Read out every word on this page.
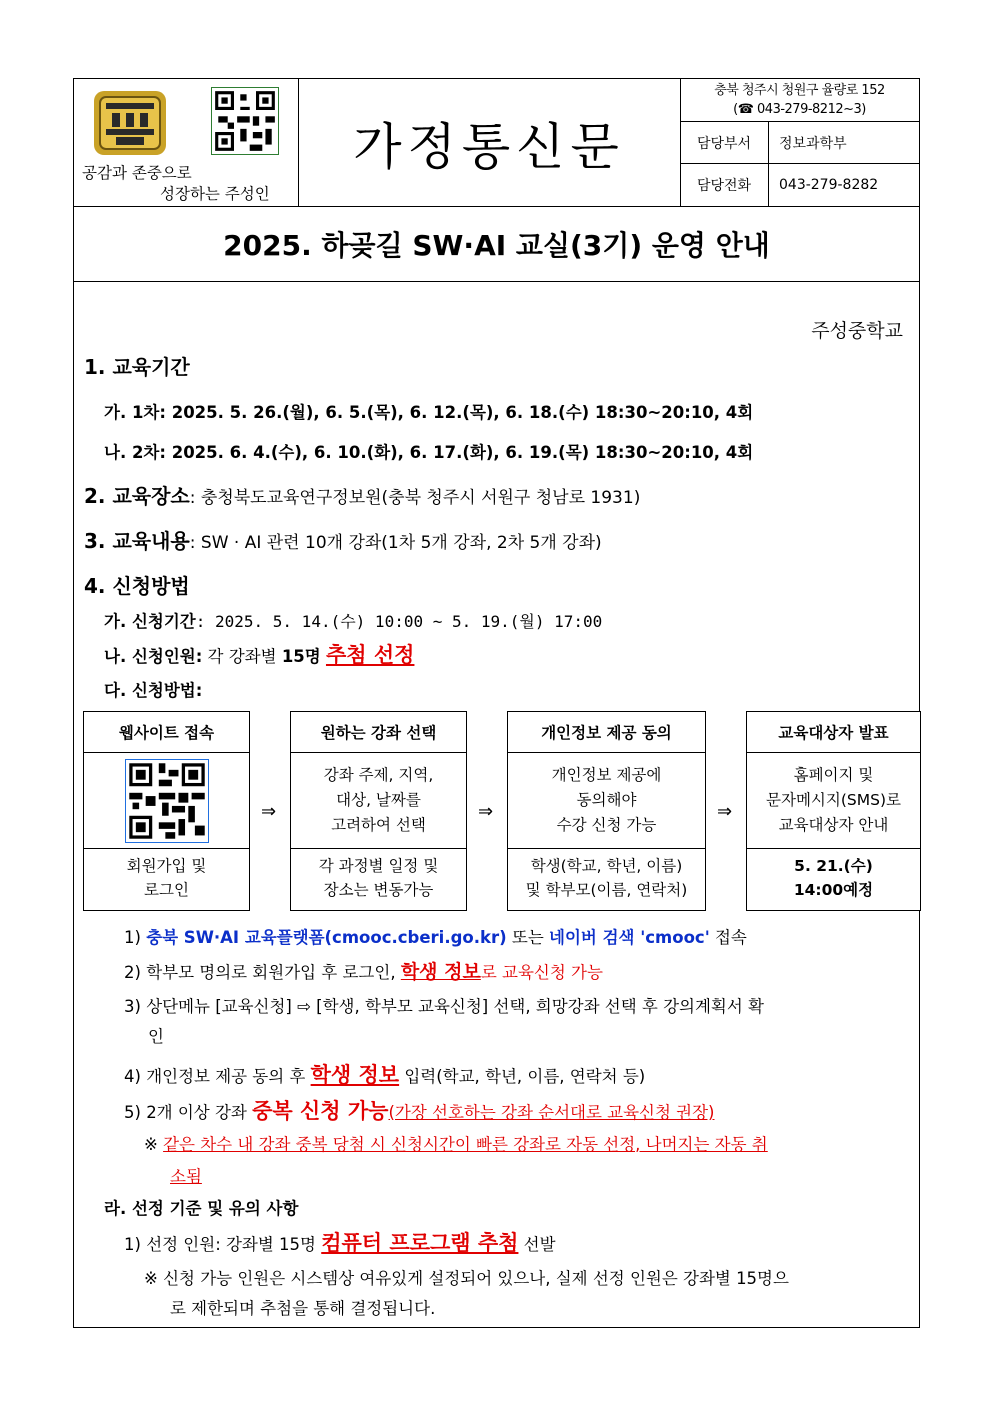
공감과 존중으로
성장하는 주성인
가정통신문
충북 청주시 청원구 율량로 152
(☎ 043-279-8212~3)
담당부서	정보과학부
담당전화	043-279-8282
2025. 하곶길 SW·AI 교실(3기) 운영 안내
주성중학교
1. 교육기간
가. 1차: 2025. 5. 26.(월), 6. 5.(목), 6. 12.(목), 6. 18.(수) 18:30~20:10, 4회
나. 2차: 2025. 6. 4.(수), 6. 10.(화), 6. 17.(화), 6. 19.(목) 18:30~20:10, 4회
2. 교육장소: 충청북도교육연구정보원(충북 청주시 서원구 청남로 1931)
3. 교육내용: SW · AI 관련 10개 강좌(1차 5개 강좌, 2차 5개 강좌)
4. 신청방법
가. 신청기간: 2025. 5. 14.(수) 10:00 ~ 5. 19.(월) 17:00
나. 신청인원: 각 강좌별 15명 추첨 선정
다. 신청방법:
웹사이트 접속
회원가입 및
로그인
⇒
원하는 강좌 선택
강좌 주제, 지역,
대상, 날짜를
고려하여 선택
각 과정별 일정 및
장소는 변동가능
⇒
개인정보 제공 동의
개인정보 제공에
동의해야
수강 신청 가능
학생(학교, 학년, 이름)
및 학부모(이름, 연락처)
⇒
교육대상자 발표
홈페이지 및
문자메시지(SMS)로
교육대상자 안내
5. 21.(수)
14:00예정
1) 충북 SW·AI 교육플랫폼(cmooc.cberi.go.kr) 또는 네이버 검색 'cmooc' 접속
2) 학부모 명의로 회원가입 후 로그인, 학생 정보로 교육신청 가능
3) 상단메뉴 [교육신청] ⇨ [학생, 학부모 교육신청] 선택, 희망강좌 선택 후 강의계획서 확
인
4) 개인정보 제공 동의 후 학생 정보 입력(학교, 학년, 이름, 연락처 등)
5) 2개 이상 강좌 중복 신청 가능(가장 선호하는 강좌 순서대로 교육신청 권장)
※ 같은 차수 내 강좌 중복 당첨 시 신청시간이 빠른 강좌로 자동 선정, 나머지는 자동 취
소됨
라. 선정 기준 및 유의 사항
1) 선정 인원: 강좌별 15명 컴퓨터 프로그램 추첨 선발
※ 신청 가능 인원은 시스템상 여유있게 설정되어 있으나, 실제 선정 인원은 강좌별 15명으
로 제한되며 추첨을 통해 결정됩니다.
